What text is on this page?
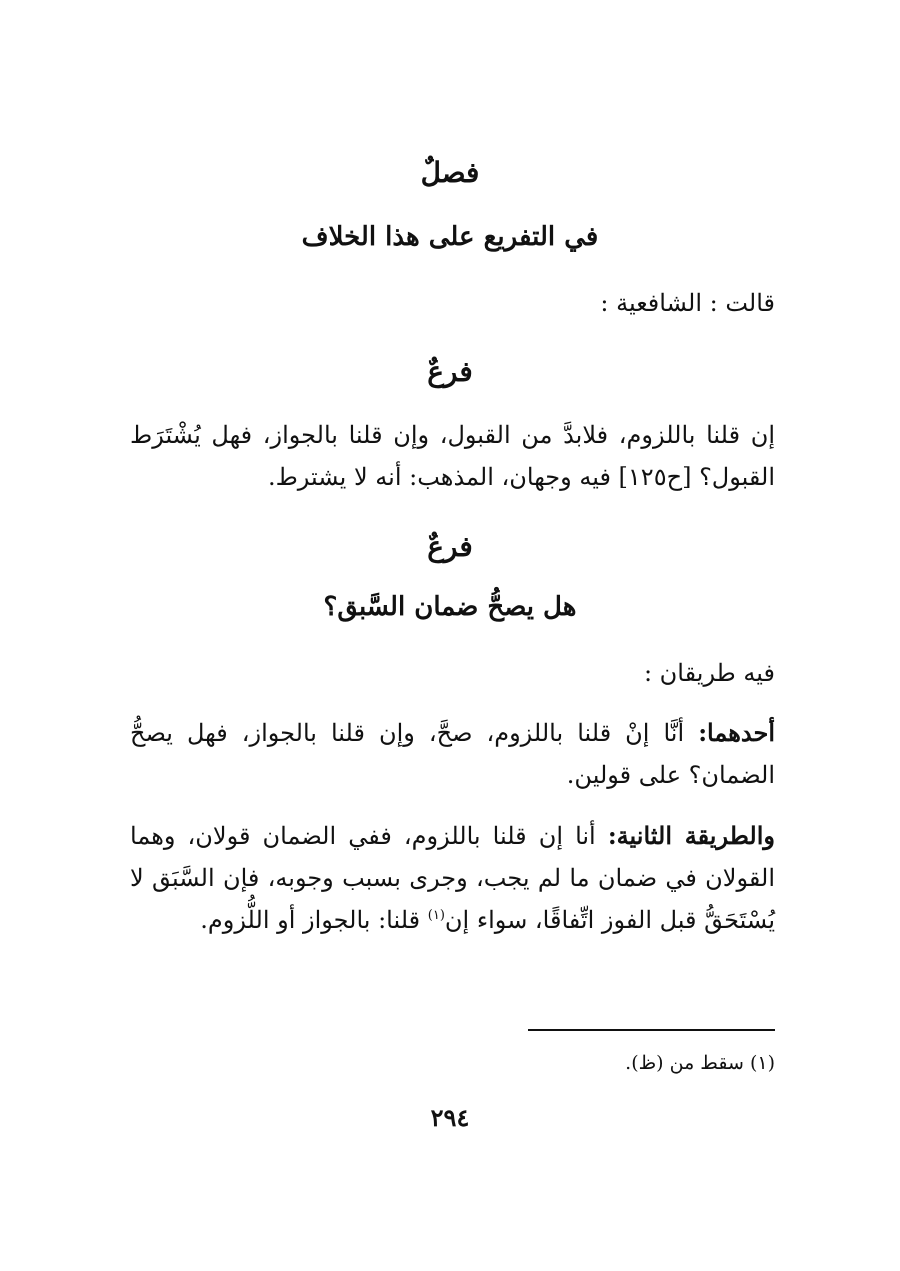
فصلٌ
في التفريع على هذا الخلاف
قالت : الشافعية :
فرعٌ
إن قلنا باللزوم، فلابدَّ من القبول، وإن قلنا بالجواز، فهل يُشْتَرَط القبول؟ [ح١٢٥] فيه وجهان، المذهب: أنه لا يشترط.
فرعٌ
هل يصحُّ ضمان السَّبق؟
فيه طريقان :
أحدهما: أنَّا إنْ قلنا باللزوم، صحَّ، وإن قلنا بالجواز، فهل يصحُّ الضمان؟ على قولين.
والطريقة الثانية: أنا إن قلنا باللزوم، ففي الضمان قولان، وهما القولان في ضمان ما لم يجب، وجرى بسبب وجوبه، فإن السَّبَق لا يُسْتَحَقُّ قبل الفوز اتِّفاقًا، سواء إن$^{(١)}$ قلنا: بالجواز أو اللُّزوم.
(١) سقط من (ظ).
٢٩٤
